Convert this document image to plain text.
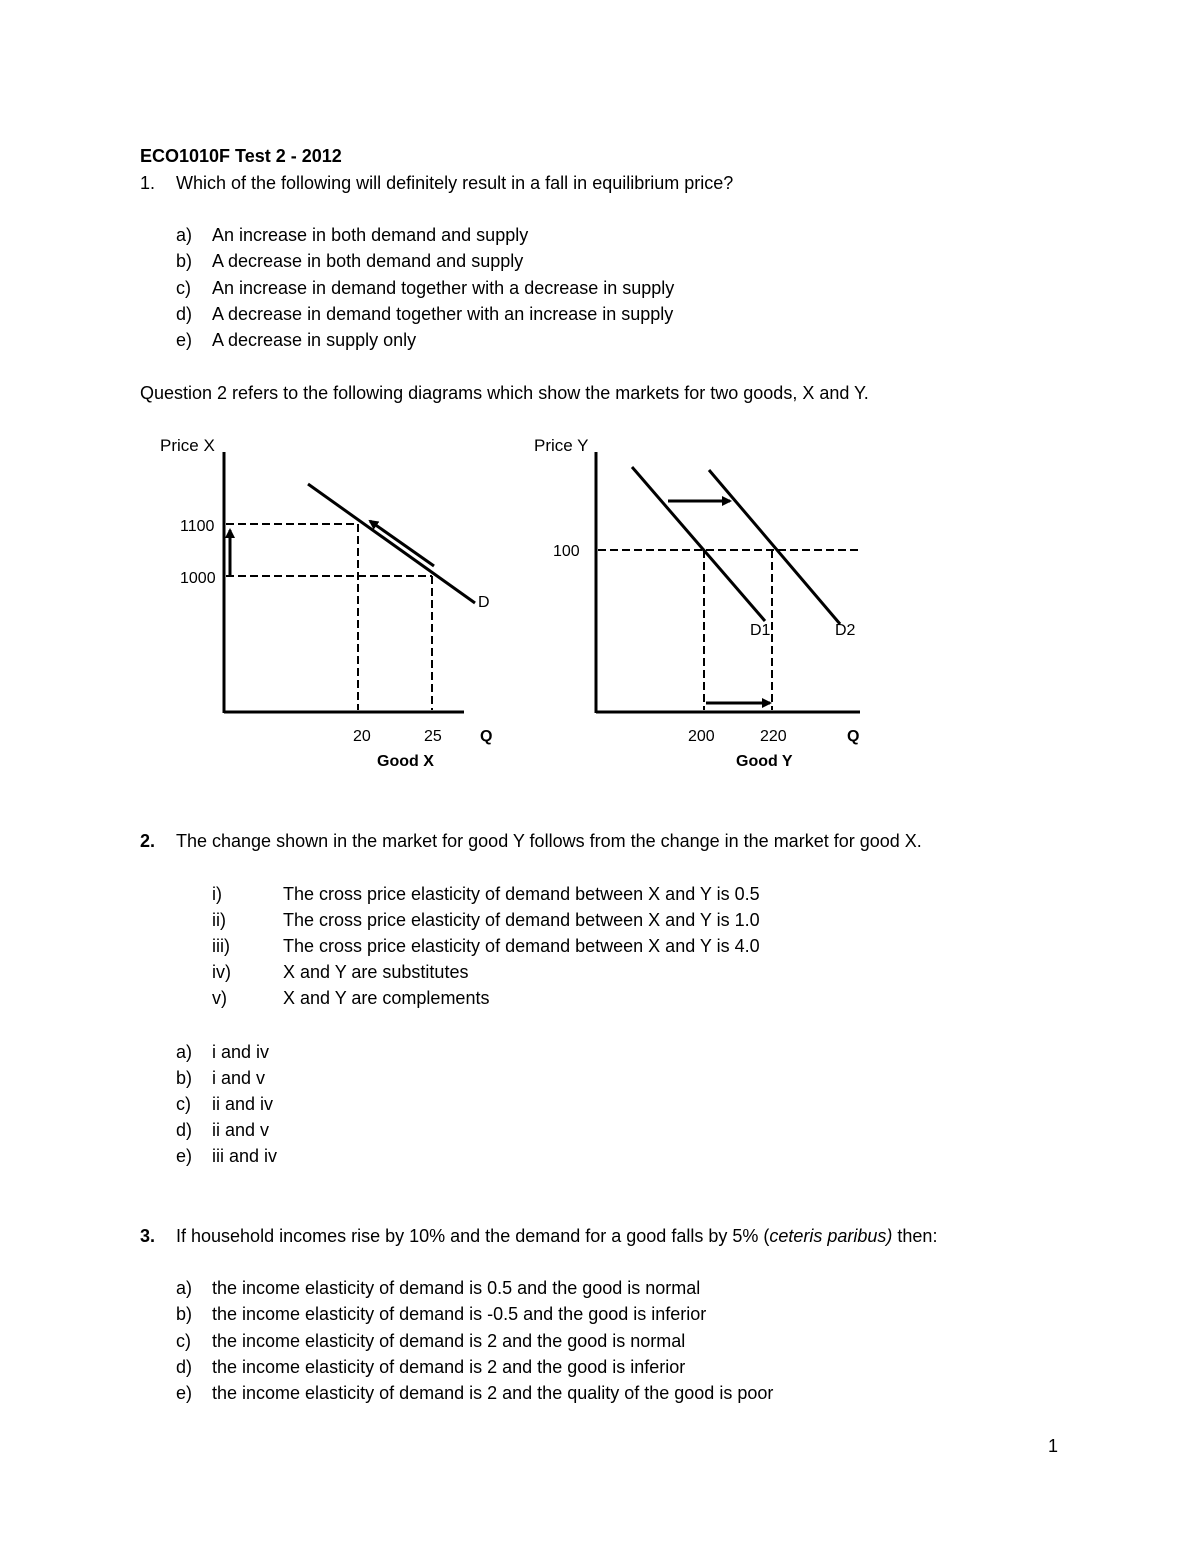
ECO1010F Test 2 - 2012
1. Which of the following will definitely result in a fall in equilibrium price?
a) An increase in both demand and supply
b) A decrease in both demand and supply
c) An increase in demand together with a decrease in supply
d) A decrease in demand together with an increase in supply
e) A decrease in supply only
Question 2 refers to the following diagrams which show the markets for two goods, X and Y.
Price X
1100
1000
D
20	25 Q
Good X
Price Y
100
D1	D2
200	220	Q
Good Y
2. The change shown in the market for good Y follows from the change in the market for good X.
i)	The cross price elasticity of demand between X and Y is 0.5
ii)	The cross price elasticity of demand between X and Y is 1.0
iii)	The cross price elasticity of demand between X and Y is 4.0
iv)	X and Y are substitutes
v)	X and Y are complements
a) i and iv
b) i and v
c) ii and iv
d) ii and v
e) iii and iv
3. If household incomes rise by 10% and the demand for a good falls by 5% (ceteris paribus) then:
a) the income elasticity of demand is 0.5 and the good is normal
b) the income elasticity of demand is -0.5 and the good is inferior
c) the income elasticity of demand is 2 and the good is normal
d) the income elasticity of demand is 2 and the good is inferior
e) the income elasticity of demand is 2 and the quality of the good is poor
1
